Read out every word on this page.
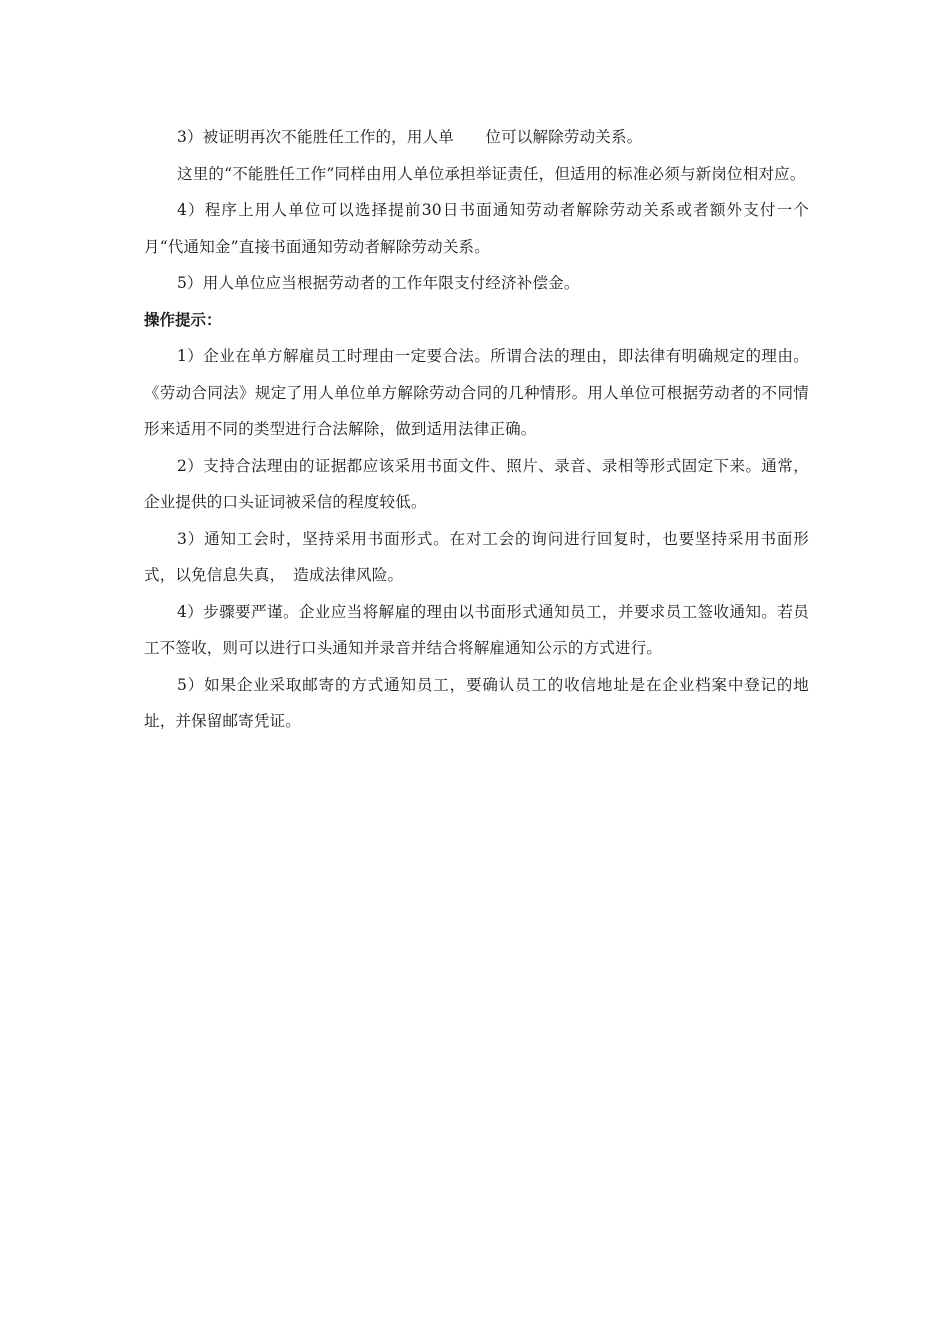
3）被证明再次不能胜任工作的，用人单　　位可以解除劳动关系。

这里的“不能胜任工作”同样由用人单位承担举证责任，但适用的标准必须与新岗位相对应。

4）程序上用人单位可以选择提前30日书面通知劳动者解除劳动关系或者额外支付一个月“代通知金”直接书面通知劳动者解除劳动关系。

5）用人单位应当根据劳动者的工作年限支付经济补偿金。

操作提示：

1）企业在单方解雇员工时理由一定要合法。所谓合法的理由，即法律有明确规定的理由。《劳动合同法》规定了用人单位单方解除劳动合同的几种情形。用人单位可根据劳动者的不同情形来适用不同的类型进行合法解除，做到适用法律正确。

2）支持合法理由的证据都应该采用书面文件、照片、录音、录相等形式固定下来。通常，企业提供的口头证词被采信的程度较低。

3）通知工会时，坚持采用书面形式。在对工会的询问进行回复时，也要坚持采用书面形式，以免信息失真，　造成法律风险。

4）步骤要严谨。企业应当将解雇的理由以书面形式通知员工，并要求员工签收通知。若员工不签收，则可以进行口头通知并录音并结合将解雇通知公示的方式进行。

5）如果企业采取邮寄的方式通知员工，要确认员工的收信地址是在企业档案中登记的地址，并保留邮寄凭证。
